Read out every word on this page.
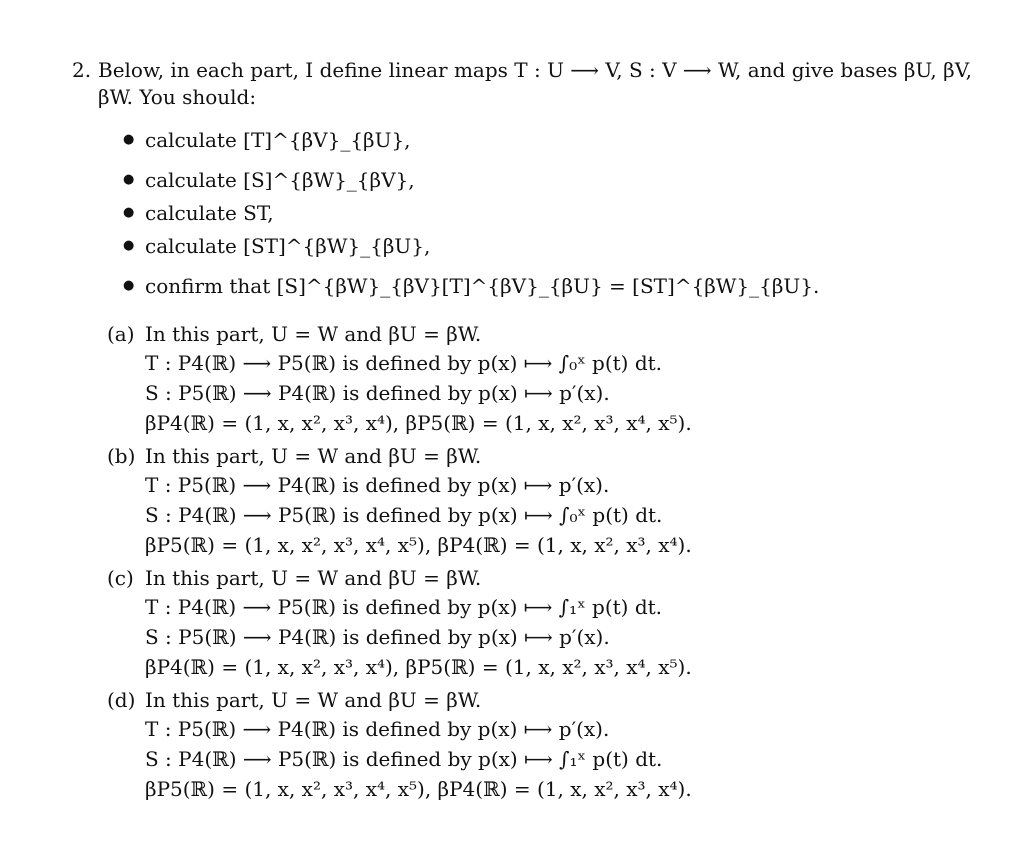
2. Below, in each part, I define linear maps T : U ⟶ V, S : V ⟶ W, and give bases βU, βV,
βW. You should:
● calculate [T]^{βV}_{βU},
● calculate [S]^{βW}_{βV},
● calculate ST,
● calculate [ST]^{βW}_{βU},
● confirm that [S]^{βW}_{βV}[T]^{βV}_{βU} = [ST]^{βW}_{βU}.
(a) In this part, U = W and βU = βW.
T : P4(ℝ) ⟶ P5(ℝ) is defined by p(x) ⟼ ∫₀ˣ p(t) dt.
S : P5(ℝ) ⟶ P4(ℝ) is defined by p(x) ⟼ p′(x).
βP4(ℝ) = (1, x, x², x³, x⁴), βP5(ℝ) = (1, x, x², x³, x⁴, x⁵).
(b) In this part, U = W and βU = βW.
T : P5(ℝ) ⟶ P4(ℝ) is defined by p(x) ⟼ p′(x).
S : P4(ℝ) ⟶ P5(ℝ) is defined by p(x) ⟼ ∫₀ˣ p(t) dt.
βP5(ℝ) = (1, x, x², x³, x⁴, x⁵), βP4(ℝ) = (1, x, x², x³, x⁴).
(c) In this part, U = W and βU = βW.
T : P4(ℝ) ⟶ P5(ℝ) is defined by p(x) ⟼ ∫₁ˣ p(t) dt.
S : P5(ℝ) ⟶ P4(ℝ) is defined by p(x) ⟼ p′(x).
βP4(ℝ) = (1, x, x², x³, x⁴), βP5(ℝ) = (1, x, x², x³, x⁴, x⁵).
(d) In this part, U = W and βU = βW.
T : P5(ℝ) ⟶ P4(ℝ) is defined by p(x) ⟼ p′(x).
S : P4(ℝ) ⟶ P5(ℝ) is defined by p(x) ⟼ ∫₁ˣ p(t) dt.
βP5(ℝ) = (1, x, x², x³, x⁴, x⁵), βP4(ℝ) = (1, x, x², x³, x⁴).
